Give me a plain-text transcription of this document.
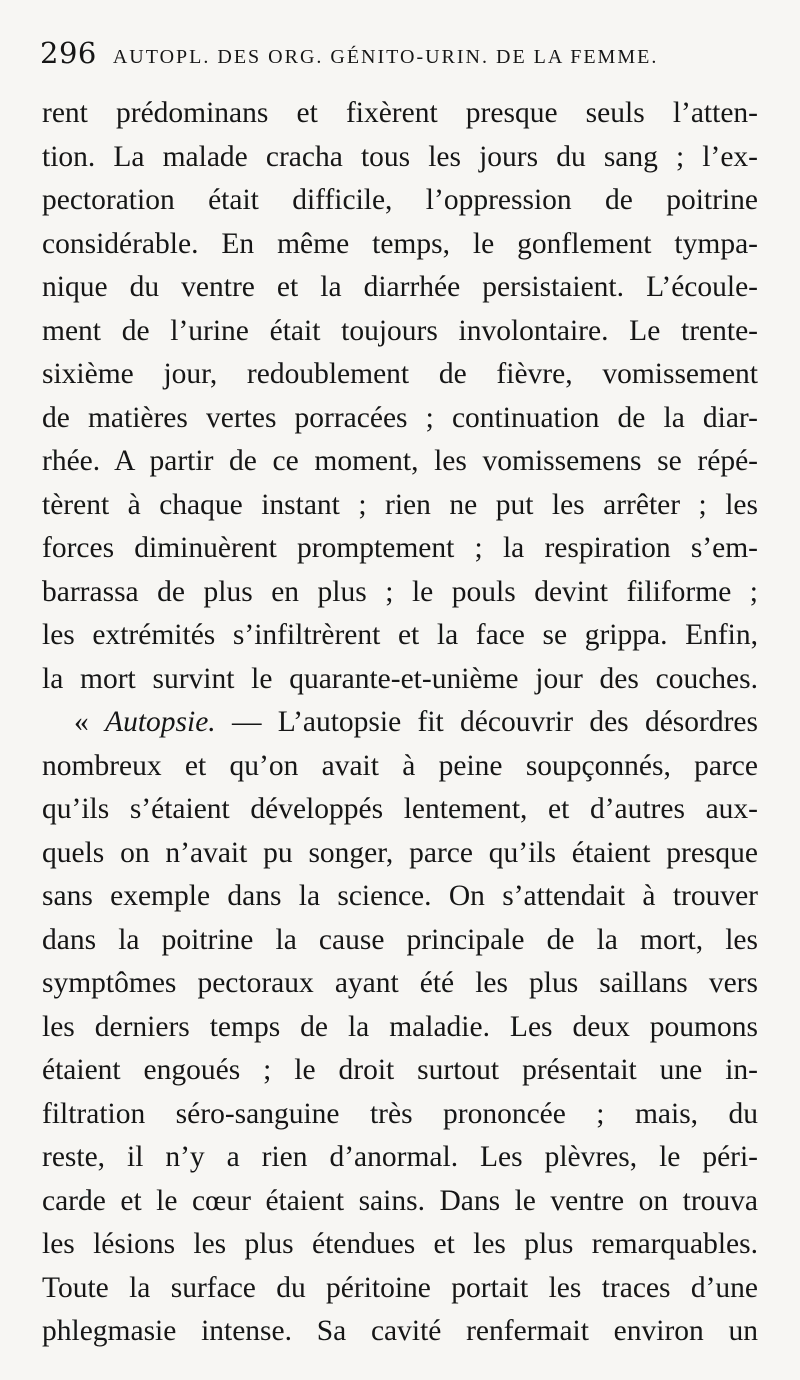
296 AUTOPL. DES ORG. GÉNITO-URIN. DE LA FEMME.
rent prédominans et fixèrent presque seuls l’atten-
tion. La malade cracha tous les jours du sang ; l’ex-
pectoration était difficile, l’oppression de poitrine
considérable. En même temps, le gonflement tympa-
nique du ventre et la diarrhée persistaient. L’écoule-
ment de l’urine était toujours involontaire. Le trente-
sixième jour, redoublement de fièvre, vomissement
de matières vertes porracées ; continuation de la diar-
rhée. A partir de ce moment, les vomissemens se répé-
tèrent à chaque instant ; rien ne put les arrêter ; les
forces diminuèrent promptement ; la respiration s’em-
barrassa de plus en plus ; le pouls devint filiforme ;
les extrémités s’infiltrèrent et la face se grippa. Enfin,
la mort survint le quarante-et-unième jour des couches.
« Autopsie. — L’autopsie fit découvrir des désordres
nombreux et qu’on avait à peine soupçonnés, parce
qu’ils s’étaient développés lentement, et d’autres aux-
quels on n’avait pu songer, parce qu’ils étaient presque
sans exemple dans la science. On s’attendait à trouver
dans la poitrine la cause principale de la mort, les
symptômes pectoraux ayant été les plus saillans vers
les derniers temps de la maladie. Les deux poumons
étaient engoués ; le droit surtout présentait une in-
filtration séro-sanguine très prononcée ; mais, du
reste, il n’y a rien d’anormal. Les plèvres, le péri-
carde et le cœur étaient sains. Dans le ventre on trouva
les lésions les plus étendues et les plus remarquables.
Toute la surface du péritoine portait les traces d’une
phlegmasie intense. Sa cavité renfermait environ un
